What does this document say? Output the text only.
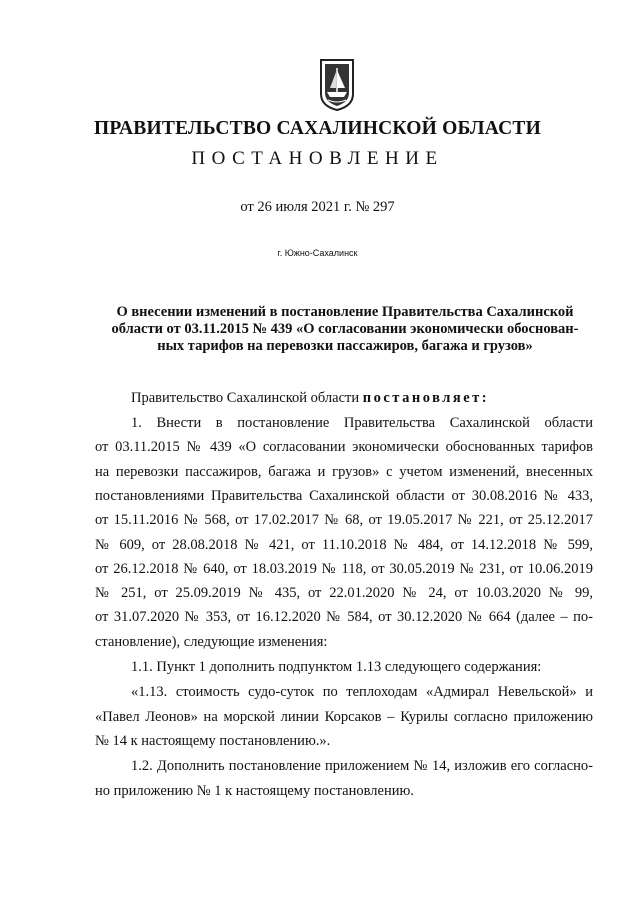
ПРАВИТЕЛЬСТВО САХАЛИНСКОЙ ОБЛАСТИ
ПОСТАНОВЛЕНИЕ
от 26 июля 2021 г. № 297
г. Южно-Сахалинск
О внесении изменений в постановление Правительства Сахалинской
области от 03.11.2015 № 439 «О согласовании экономически обоснован-
ных тарифов на перевозки пассажиров, багажа и грузов»
Правительство Сахалинской области постановляет:
1. Внести в постановление Правительства Сахалинской области
от 03.11.2015 № 439 «О согласовании экономически обоснованных тарифов
на перевозки пассажиров, багажа и грузов» с учетом изменений, внесенных
постановлениями Правительства Сахалинской области от 30.08.2016 № 433,
от 15.11.2016 № 568, от 17.02.2017 № 68, от 19.05.2017 № 221, от 25.12.2017
№ 609, от 28.08.2018 № 421, от 11.10.2018 № 484, от 14.12.2018 № 599,
от 26.12.2018 № 640, от 18.03.2019 № 118, от 30.05.2019 № 231, от 10.06.2019
№ 251, от 25.09.2019 № 435, от 22.01.2020 № 24, от 10.03.2020 № 99,
от 31.07.2020 № 353, от 16.12.2020 № 584, от 30.12.2020 № 664 (далее – по-
становление), следующие изменения:
1.1. Пункт 1 дополнить подпунктом 1.13 следующего содержания:
«1.13. стоимость судо-суток по теплоходам «Адмирал Невельской» и
«Павел Леонов» на морской линии Корсаков – Курилы согласно приложению
№ 14 к настоящему постановлению.».
1.2. Дополнить постановление приложением № 14, изложив его согласно-
но приложению № 1 к настоящему постановлению.
